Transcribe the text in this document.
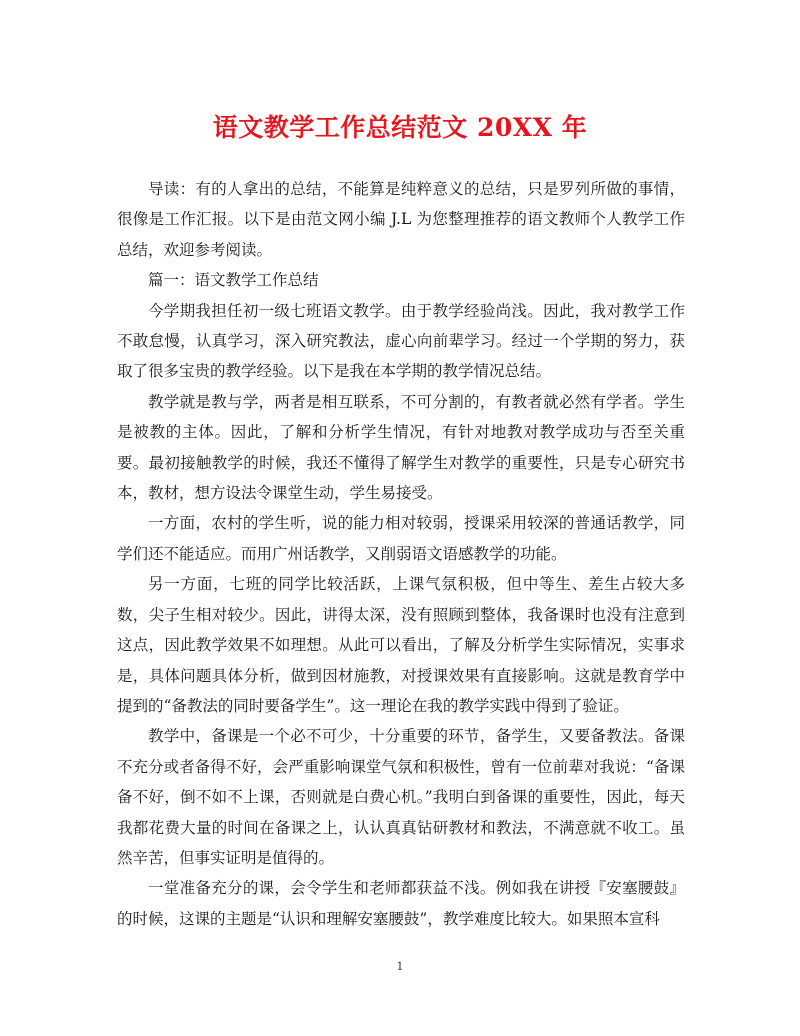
语文教学工作总结范文 20XX 年

导读：有的人拿出的总结，不能算是纯粹意义的总结，只是罗列所做的事情，很像是工作汇报。以下是由范文网小编 J.L 为您整理推荐的语文教师个人教学工作总结，欢迎参考阅读。

篇一：语文教学工作总结

今学期我担任初一级七班语文教学。由于教学经验尚浅。因此，我对教学工作不敢怠慢，认真学习，深入研究教法，虚心向前辈学习。经过一个学期的努力，获取了很多宝贵的教学经验。以下是我在本学期的教学情况总结。

教学就是教与学，两者是相互联系，不可分割的，有教者就必然有学者。学生是被教的主体。因此，了解和分析学生情况，有针对地教对教学成功与否至关重要。最初接触教学的时候，我还不懂得了解学生对教学的重要性，只是专心研究书本，教材，想方设法令课堂生动，学生易接受。

一方面，农村的学生听，说的能力相对较弱，授课采用较深的普通话教学，同学们还不能适应。而用广州话教学，又削弱语文语感教学的功能。

另一方面，七班的同学比较活跃，上课气氛积极，但中等生、差生占较大多数，尖子生相对较少。因此，讲得太深，没有照顾到整体，我备课时也没有注意到这点，因此教学效果不如理想。从此可以看出，了解及分析学生实际情况，实事求是，具体问题具体分析，做到因材施教，对授课效果有直接影响。这就是教育学中提到的“备教法的同时要备学生”。这一理论在我的教学实践中得到了验证。

教学中，备课是一个必不可少，十分重要的环节，备学生，又要备教法。备课不充分或者备得不好，会严重影响课堂气氛和积极性，曾有一位前辈对我说：“备课备不好，倒不如不上课，否则就是白费心机。”我明白到备课的重要性，因此，每天我都花费大量的时间在备课之上，认认真真钻研教材和教法，不满意就不收工。虽然辛苦，但事实证明是值得的。

一堂准备充分的课，会令学生和老师都获益不浅。例如我在讲授『安塞腰鼓』的时候，这课的主题是“认识和理解安塞腰鼓”，教学难度比较大。如果照本宣科

1
